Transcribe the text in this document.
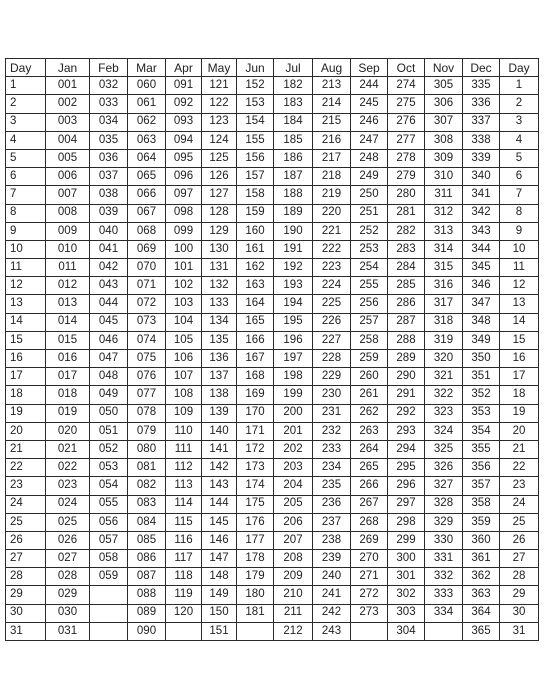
Day	Jan	Feb	Mar	Apr	May	Jun	Jul	Aug	Sep	Oct	Nov	Dec	Day
1	001	032	060	091	121	152	182	213	244	274	305	335	1
2	002	033	061	092	122	153	183	214	245	275	306	336	2
3	003	034	062	093	123	154	184	215	246	276	307	337	3
4	004	035	063	094	124	155	185	216	247	277	308	338	4
5	005	036	064	095	125	156	186	217	248	278	309	339	5
6	006	037	065	096	126	157	187	218	249	279	310	340	6
7	007	038	066	097	127	158	188	219	250	280	311	341	7
8	008	039	067	098	128	159	189	220	251	281	312	342	8
9	009	040	068	099	129	160	190	221	252	282	313	343	9
10	010	041	069	100	130	161	191	222	253	283	314	344	10
11	011	042	070	101	131	162	192	223	254	284	315	345	11
12	012	043	071	102	132	163	193	224	255	285	316	346	12
13	013	044	072	103	133	164	194	225	256	286	317	347	13
14	014	045	073	104	134	165	195	226	257	287	318	348	14
15	015	046	074	105	135	166	196	227	258	288	319	349	15
16	016	047	075	106	136	167	197	228	259	289	320	350	16
17	017	048	076	107	137	168	198	229	260	290	321	351	17
18	018	049	077	108	138	169	199	230	261	291	322	352	18
19	019	050	078	109	139	170	200	231	262	292	323	353	19
20	020	051	079	110	140	171	201	232	263	293	324	354	20
21	021	052	080	111	141	172	202	233	264	294	325	355	21
22	022	053	081	112	142	173	203	234	265	295	326	356	22
23	023	054	082	113	143	174	204	235	266	296	327	357	23
24	024	055	083	114	144	175	205	236	267	297	328	358	24
25	025	056	084	115	145	176	206	237	268	298	329	359	25
26	026	057	085	116	146	177	207	238	269	299	330	360	26
27	027	058	086	117	147	178	208	239	270	300	331	361	27
28	028	059	087	118	148	179	209	240	271	301	332	362	28
29	029		088	119	149	180	210	241	272	302	333	363	29
30	030		089	120	150	181	211	242	273	303	334	364	30
31	031		090		151		212	243		304		365	31
